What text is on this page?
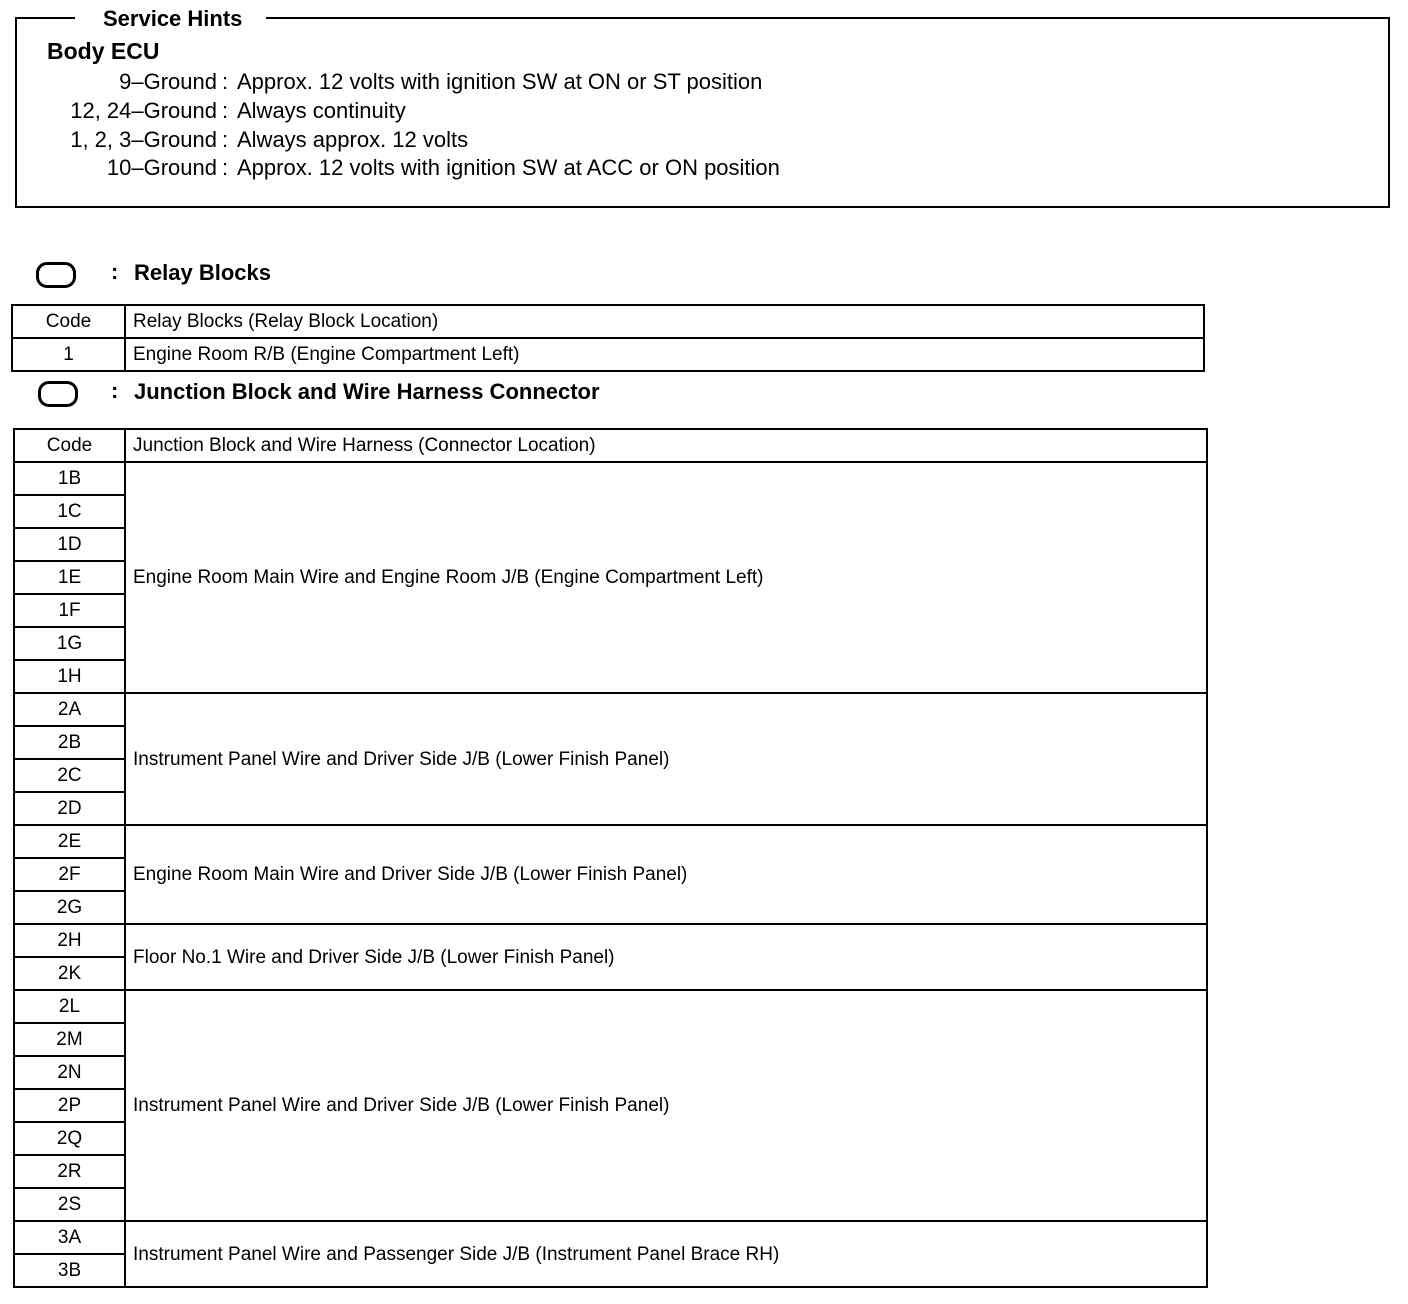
Service Hints
Body ECU
9–Ground : Approx. 12 volts with ignition SW at ON or ST position
12, 24–Ground : Always continuity
1, 2, 3–Ground : Always approx. 12 volts
10–Ground : Approx. 12 volts with ignition SW at ACC or ON position
: Relay Blocks
Code	Relay Blocks (Relay Block Location)
1	Engine Room R/B (Engine Compartment Left)
: Junction Block and Wire Harness Connector
Code	Junction Block and Wire Harness (Connector Location)
1B	Engine Room Main Wire and Engine Room J/B (Engine Compartment Left)
1C	
1D	
1E	
1F	
1G	
1H	
2A	Instrument Panel Wire and Driver Side J/B (Lower Finish Panel)
2B	
2C	
2D	
2E	Engine Room Main Wire and Driver Side J/B (Lower Finish Panel)
2F	
2G	
2H	Floor No.1 Wire and Driver Side J/B (Lower Finish Panel)
2K	
2L	Instrument Panel Wire and Driver Side J/B (Lower Finish Panel)
2M	
2N	
2P	
2Q	
2R	
2S	
3A	Instrument Panel Wire and Passenger Side J/B (Instrument Panel Brace RH)
3B	
